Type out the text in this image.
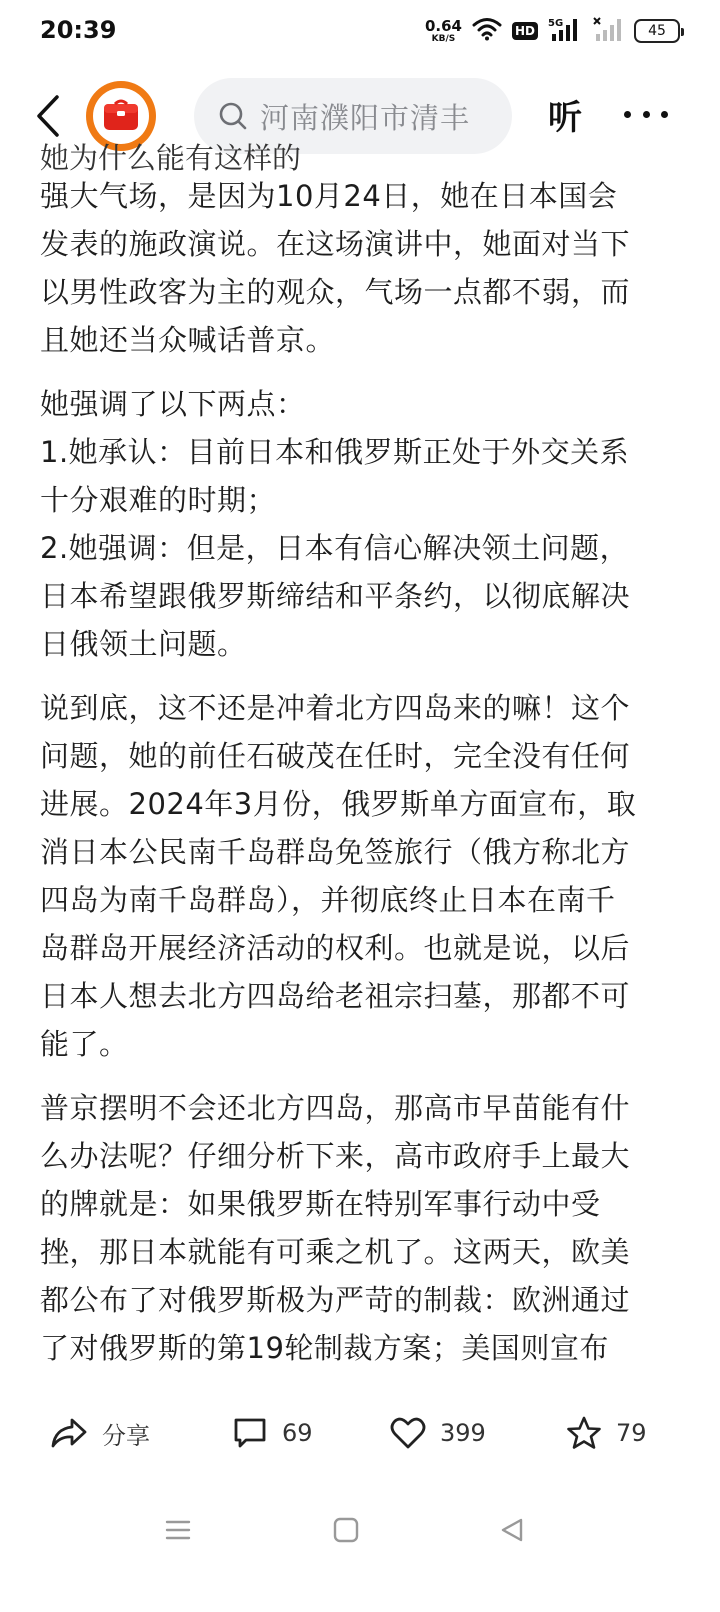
20:39	0.64
KB/S
HD
5G	45
河南濮阳市清丰 听
她为什么能有这样的

强大气场，是因为10月24日，她在日本国会
发表的施政演说。在这场演讲中，她面对当下
以男性政客为主的观众，气场一点都不弱，而
且她还当众喊话普京。

她强调了以下两点：
1.她承认：目前日本和俄罗斯正处于外交关系
十分艰难的时期；
2.她强调：但是，日本有信心解决领土问题，
日本希望跟俄罗斯缔结和平条约，以彻底解决
日俄领土问题。

说到底，这不还是冲着北方四岛来的嘛！这个
问题，她的前任石破茂在任时，完全没有任何
进展。2024年3月份，俄罗斯单方面宣布，取
消日本公民南千岛群岛免签旅行（俄方称北方
四岛为南千岛群岛），并彻底终止日本在南千
岛群岛开展经济活动的权利。也就是说，以后
日本人想去北方四岛给老祖宗扫墓，那都不可
能了。

普京摆明不会还北方四岛，那高市早苗能有什
么办法呢？仔细分析下来，高市政府手上最大
的牌就是：如果俄罗斯在特别军事行动中受
挫，那日本就能有可乘之机了。这两天，欧美
都公布了对俄罗斯极为严苛的制裁：欧洲通过
了对俄罗斯的第19轮制裁方案；美国则宣布

分享	69	399	79
